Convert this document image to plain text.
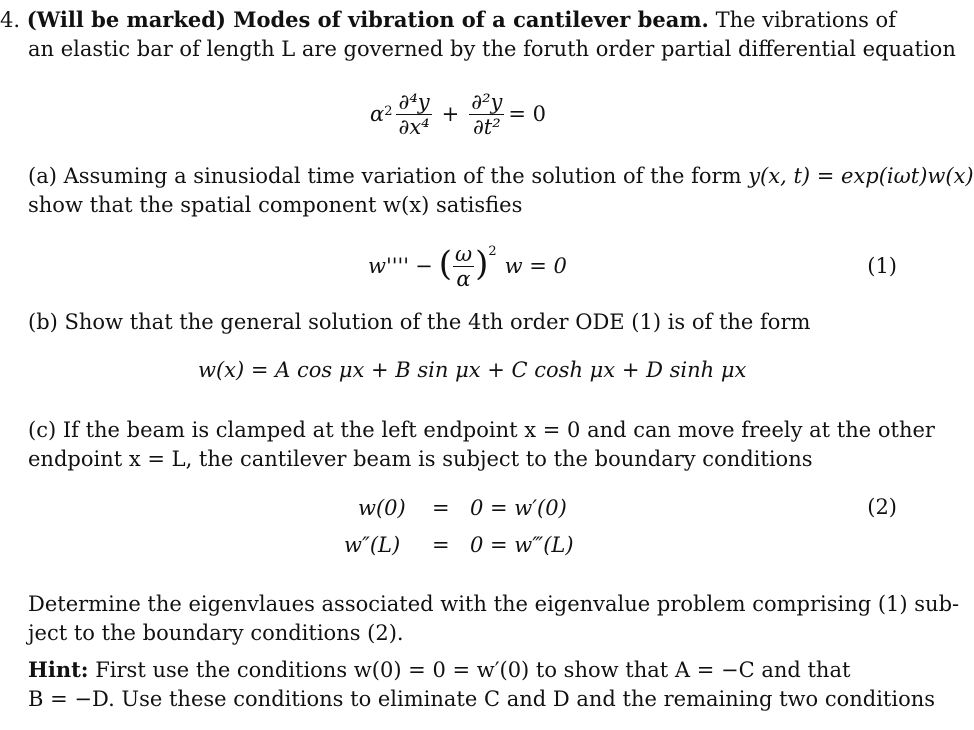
4. (Will be marked) Modes of vibration of a cantilever beam. The vibrations of
an elastic bar of length L are governed by the foruth order partial differential equation
$\alpha^2 \frac{\text{∂⁴y}}{\text{∂x⁴}} + \frac{\text{∂²y}}{\text{∂t²}} = 0$
(a) Assuming a sinusiodal time variation of the solution of the form y(x, t) = exp(iωt)w(x)
show that the spatial component w(x) satisfies
w'''' − ( $\frac{\omega}{\alpha} )^2$
w = 0	(1)
(b) Show that the general solution of the 4th order ODE (1) is of the form
w(x) = A cos μx + B sin μx + C cosh μx + D sinh μx
(c) If the beam is clamped at the left endpoint x = 0 and can move freely at the other
endpoint x = L, the cantilever beam is subject to the boundary conditions
w(0) = 0 = w′(0)	(2)
w″(L) = 0 = w‴(L)
Determine the eigenvlaues associated with the eigenvalue problem comprising (1) sub-
ject to the boundary conditions (2).
Hint: First use the conditions w(0) = 0 = w′(0) to show that A = −C and that
B = −D. Use these conditions to eliminate C and D and the remaining two conditions
